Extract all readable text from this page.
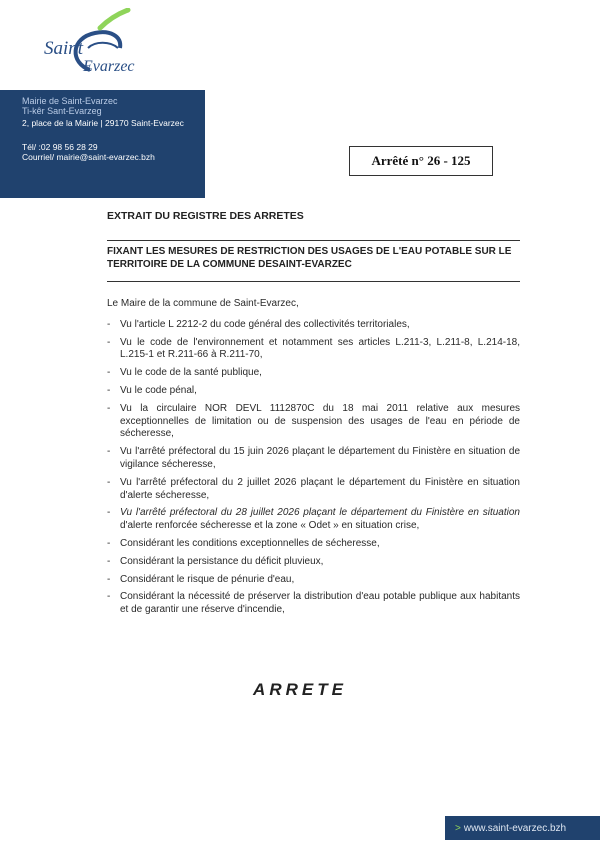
Saint
Evarzec
Mairie de Saint-Evarzec
Ti-kêr Sant-Evarzeg
2, place de la Mairie | 29170 Saint-Evarzec
Tél/ :02 98 56 28 29
Courriel/ mairie@saint-evarzec.bzh	Arrêté n° 26 - 125
EXTRAIT DU REGISTRE DES ARRETES
FIXANT LES MESURES DE RESTRICTION DES USAGES DE L'EAU POTABLE SUR LE TERRITOIRE DE LA COMMUNE DESAINT-EVARZEC

Le Maire de la commune de Saint-Evarzec,

- Vu l'article L 2212-2 du code général des collectivités territoriales,
- Vu le code de l'environnement et notamment ses articles L.211-3, L.211-8, L.214-18, L.215-1 et R.211-66 à R.211-70,
- Vu le code de la santé publique,
- Vu le code pénal,
- Vu la circulaire NOR DEVL 1112870C du 18 mai 2011 relative aux mesures exceptionnelles de limitation ou de suspension des usages de l'eau en période de sécheresse,
- Vu l'arrêté préfectoral du 15 juin 2026 plaçant le département du Finistère en situation de vigilance sécheresse,
- Vu l'arrêté préfectoral du 2 juillet 2026 plaçant le département du Finistère en situation d'alerte sécheresse,
- Vu l'arrêté préfectoral du 28 juillet 2026 plaçant le département du Finistère en situation d'alerte renforcée sécheresse et la zone « Odet » en situation crise,
- Considérant les conditions exceptionnelles de sécheresse,
- Considérant la persistance du déficit pluvieux,
- Considérant le risque de pénurie d'eau,
- Considérant la nécessité de préserver la distribution d'eau potable publique aux habitants et de garantir une réserve d'incendie,
ARRETE
> www.saint-evarzec.bzh
